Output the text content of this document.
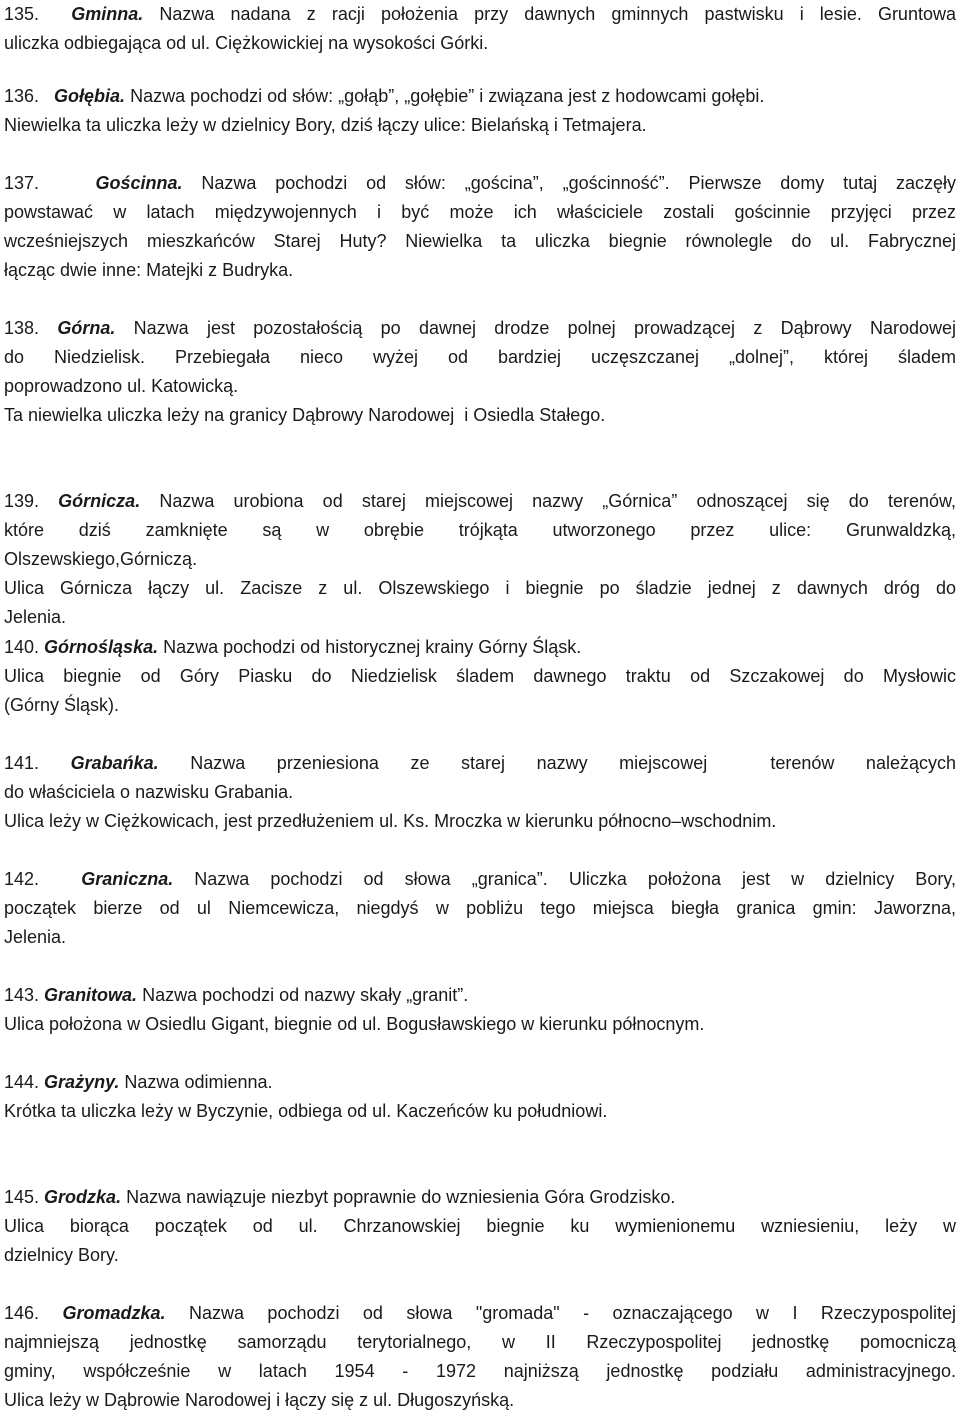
135.  Gminna. Nazwa nadana z racji położenia przy dawnych gminnych pastwisku i lesie. Gruntowa
uliczka odbiegająca od ul. Ciężkowickiej na wysokości Górki.
136.   Gołębia. Nazwa pochodzi od słów: „gołąb”, „gołębie” i związana jest z hodowcami gołębi.
Niewielka ta uliczka leży w dzielnicy Bory, dziś łączy ulice: Bielańską i Tetmajera.
137.   Gościnna. Nazwa pochodzi od słów: „gościna”, „gościnność”. Pierwsze domy tutaj zaczęły
powstawać w latach międzywojennych i być może ich właściciele zostali gościnnie przyjęci przez
wcześniejszych mieszkańców Starej Huty? Niewielka ta uliczka biegnie równolegle do ul. Fabrycznej
łącząc dwie inne: Matejki z Budryka.
138. Górna. Nazwa jest pozostałością po dawnej drodze polnej prowadzącej z Dąbrowy Narodowej
do Niedzielisk. Przebiegała nieco wyżej od bardziej uczęszczanej „dolnej”, której śladem
poprowadzono ul. Katowicką.
Ta niewielka uliczka leży na granicy Dąbrowy Narodowej  i Osiedla Stałego.
139. Górnicza. Nazwa urobiona od starej miejscowej nazwy „Górnica” odnoszącej się do terenów,
które dziś zamknięte są w obrębie trójkąta utworzonego przez ulice: Grunwaldzką,
Olszewskiego,Górniczą.
Ulica Górnicza łączy ul. Zacisze z ul. Olszewskiego i biegnie po śladzie jednej z dawnych dróg do
Jelenia.
140. Górnośląska. Nazwa pochodzi od historycznej krainy Górny Śląsk.
Ulica biegnie od Góry Piasku do Niedzielisk śladem dawnego traktu od Szczakowej do Mysłowic
(Górny Śląsk).
141. Grabańka. Nazwa przeniesiona ze starej nazwy miejscowej  terenów należących
do właściciela o nazwisku Grabania.
Ulica leży w Ciężkowicach, jest przedłużeniem ul. Ks. Mroczka w kierunku północno–wschodnim.
142.  Graniczna. Nazwa pochodzi od słowa „granica”. Uliczka położona jest w dzielnicy Bory,
początek bierze od ul Niemcewicza, niegdyś w pobliżu tego miejsca biegła granica gmin: Jaworzna,
Jelenia.
143. Granitowa. Nazwa pochodzi od nazwy skały „granit”.
Ulica położona w Osiedlu Gigant, biegnie od ul. Bogusławskiego w kierunku północnym.
144. Grażyny. Nazwa odimienna.
Krótka ta uliczka leży w Byczynie, odbiega od ul. Kaczeńców ku południowi.
145. Grodzka. Nazwa nawiązuje niezbyt poprawnie do wzniesienia Góra Grodzisko.
Ulica biorąca początek od ul. Chrzanowskiej biegnie ku wymienionemu wzniesieniu, leży w
dzielnicy Bory.
146. Gromadzka. Nazwa pochodzi od słowa "gromada" - oznaczającego w I Rzeczypospolitej
najmniejszą jednostkę samorządu terytorialnego, w II Rzeczypospolitej jednostkę pomocniczą
gminy, współcześnie w latach 1954 - 1972 najniższą jednostkę podziału administracyjnego.
Ulica leży w Dąbrowie Narodowej i łączy się z ul. Długoszyńską.
